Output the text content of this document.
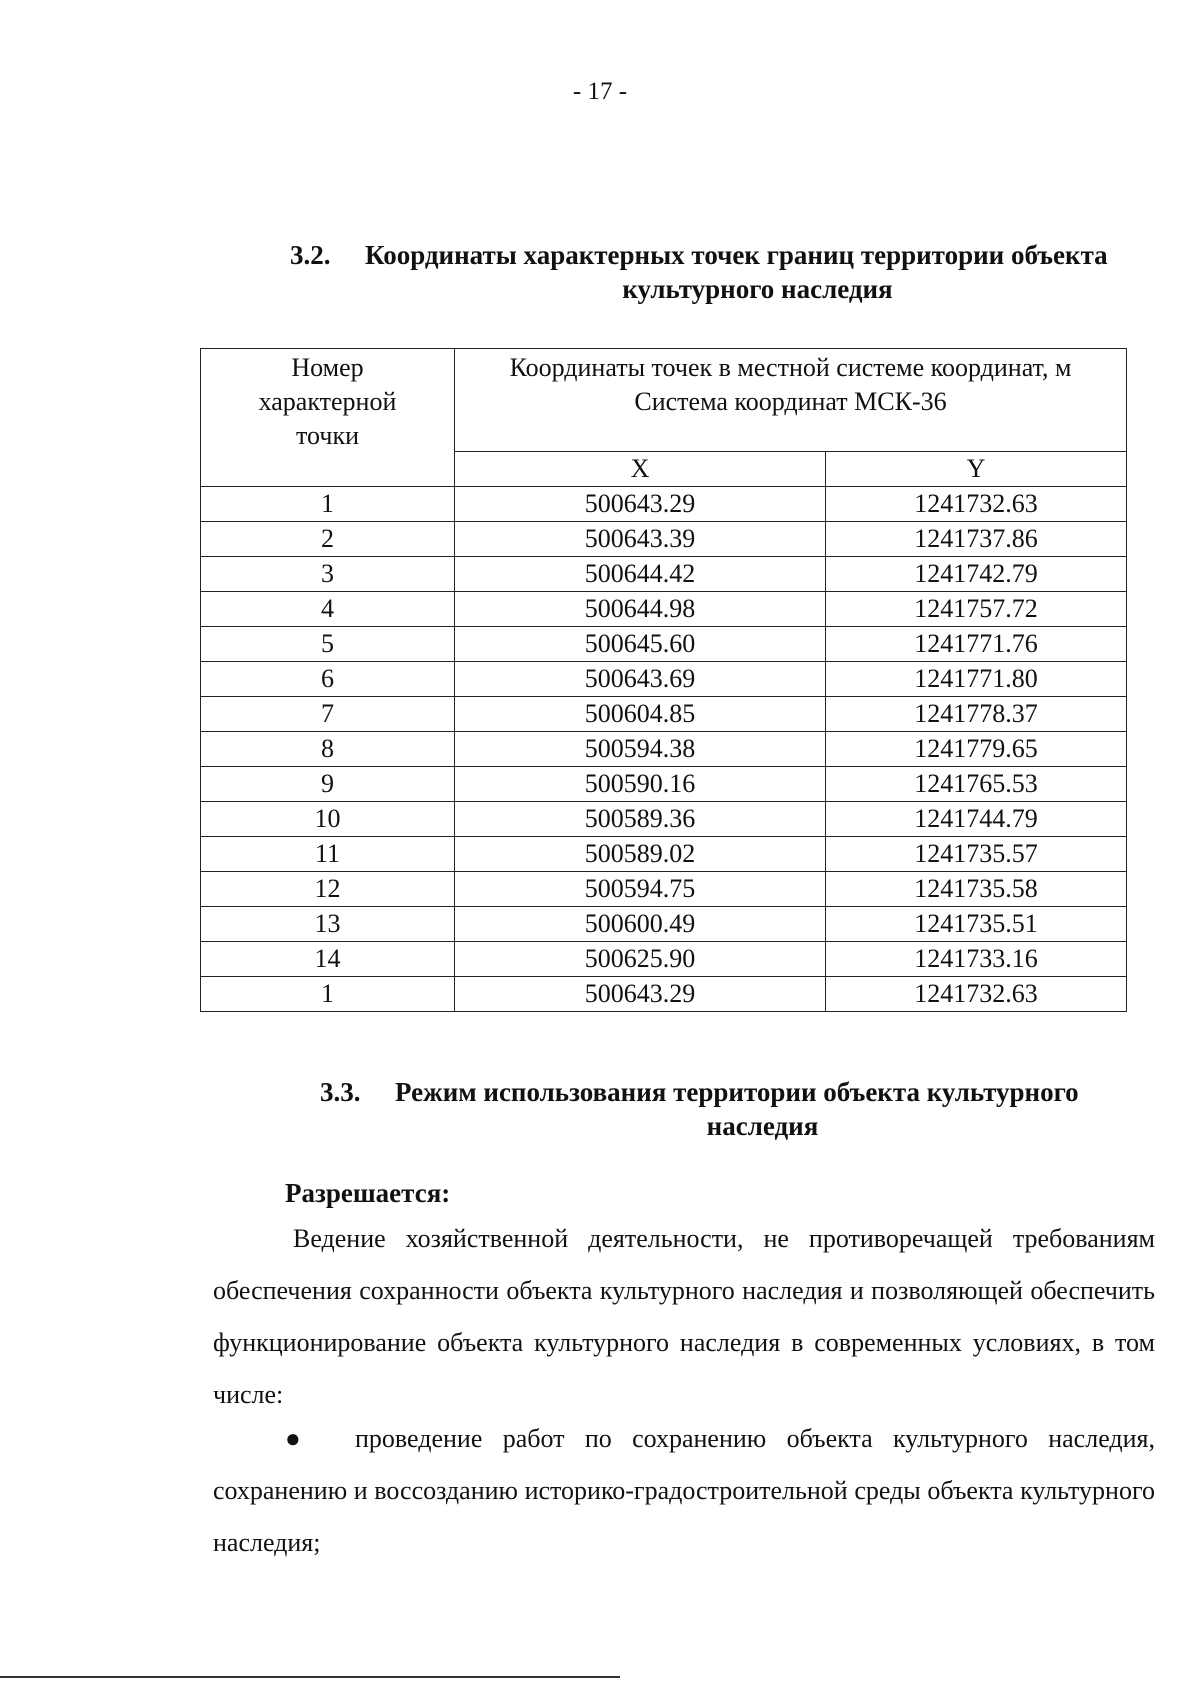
- 17 -
3.2.	Координаты характерных точек границ территории объекта
культурного наследия
Номер характерной точки	Координаты точек в местной системе координат, м
Система координат МСК-36	

	X	Y
1	500643.29	1241732.63
2	500643.39	1241737.86
3	500644.42	1241742.79
4	500644.98	1241757.72
5	500645.60	1241771.76
6	500643.69	1241771.80
7	500604.85	1241778.37
8	500594.38	1241779.65
9	500590.16	1241765.53
10	500589.36	1241744.79
11	500589.02	1241735.57
12	500594.75	1241735.58
13	500600.49	1241735.51
14	500625.90	1241733.16
1	500643.29	1241732.63
3.3.	Режим использования территории объекта культурного
наследия
Разрешается:
Ведение хозяйственной деятельности, не противоречащей требованиям обеспечения сохранности объекта культурного наследия и позволяющей обеспечить функционирование объекта культурного наследия в современных условиях, в том числе:
●	проведение работ по сохранению объекта культурного наследия, сохранению и воссозданию историко-градостроительной среды объекта культурного наследия;
